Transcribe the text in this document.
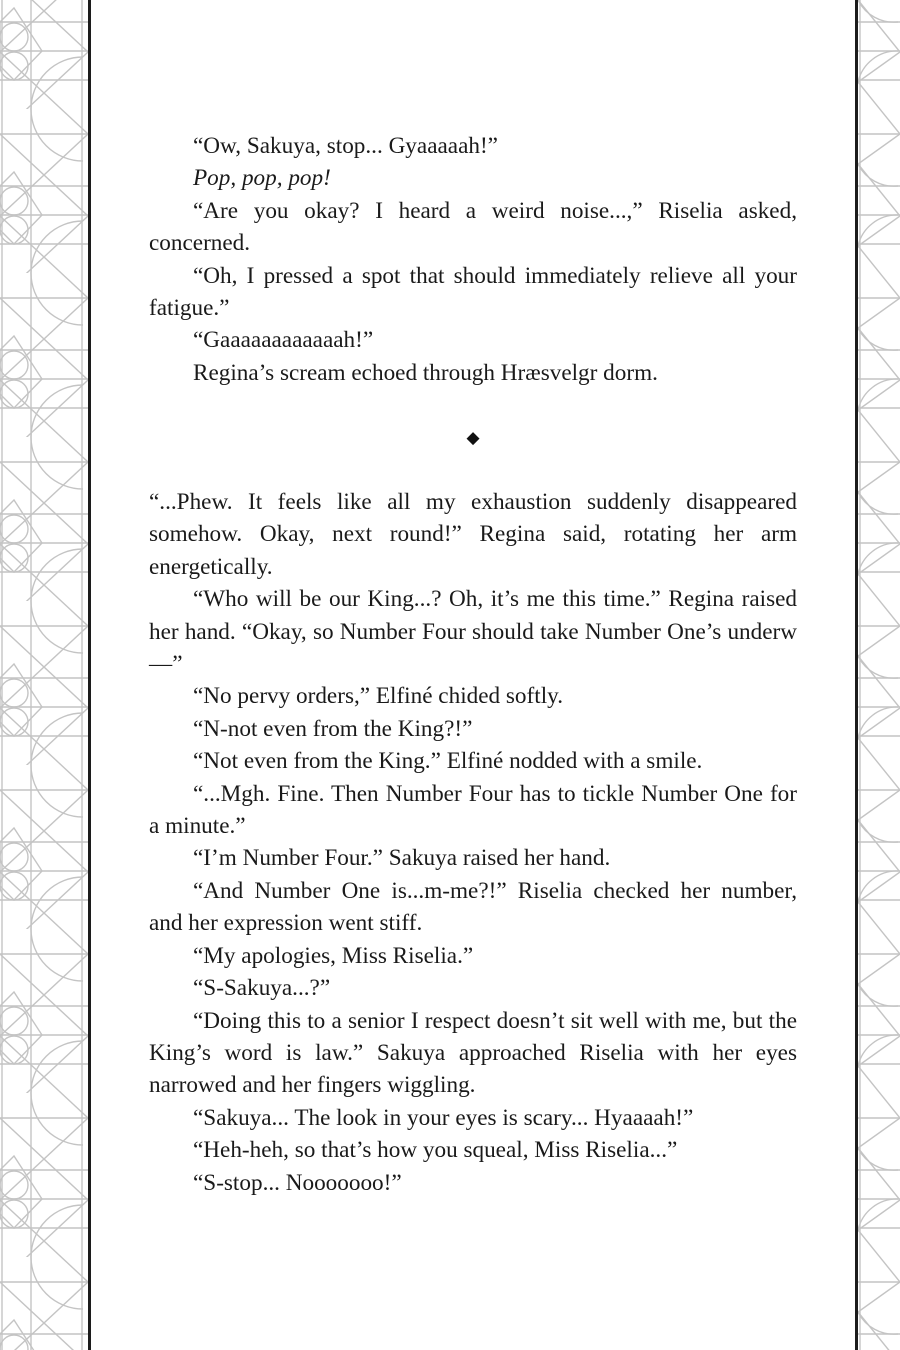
“Ow, Sakuya, stop... Gyaaaaah!”

Pop, pop, pop!

“Are you okay? I heard a weird noise...,” Riselia asked, concerned.

“Oh, I pressed a spot that should immediately relieve all your fatigue.”

“Gaaaaaaaaaaaah!”

Regina’s scream echoed through Hræsvelgr dorm.

◆

“...Phew. It feels like all my exhaustion suddenly disappeared somehow. Okay, next round!” Regina said, rotating her arm energetically.

“Who will be our King...? Oh, it’s me this time.” Regina raised her hand. “Okay, so Number Four should take Number One’s underw—”

“No pervy orders,” Elfiné chided softly.

“N-not even from the King?!”

“Not even from the King.” Elfiné nodded with a smile.

“...Mgh. Fine. Then Number Four has to tickle Number One for a minute.”

“I’m Number Four.” Sakuya raised her hand.

“And Number One is...m-me?!” Riselia checked her number, and her expression went stiff.

“My apologies, Miss Riselia.”

“S-Sakuya...?”

“Doing this to a senior I respect doesn’t sit well with me, but the King’s word is law.” Sakuya approached Riselia with her eyes narrowed and her fingers wiggling.

“Sakuya... The look in your eyes is scary... Hyaaaah!”

“Heh-heh, so that’s how you squeal, Miss Riselia...”

“S-stop... Nooooooo!”
